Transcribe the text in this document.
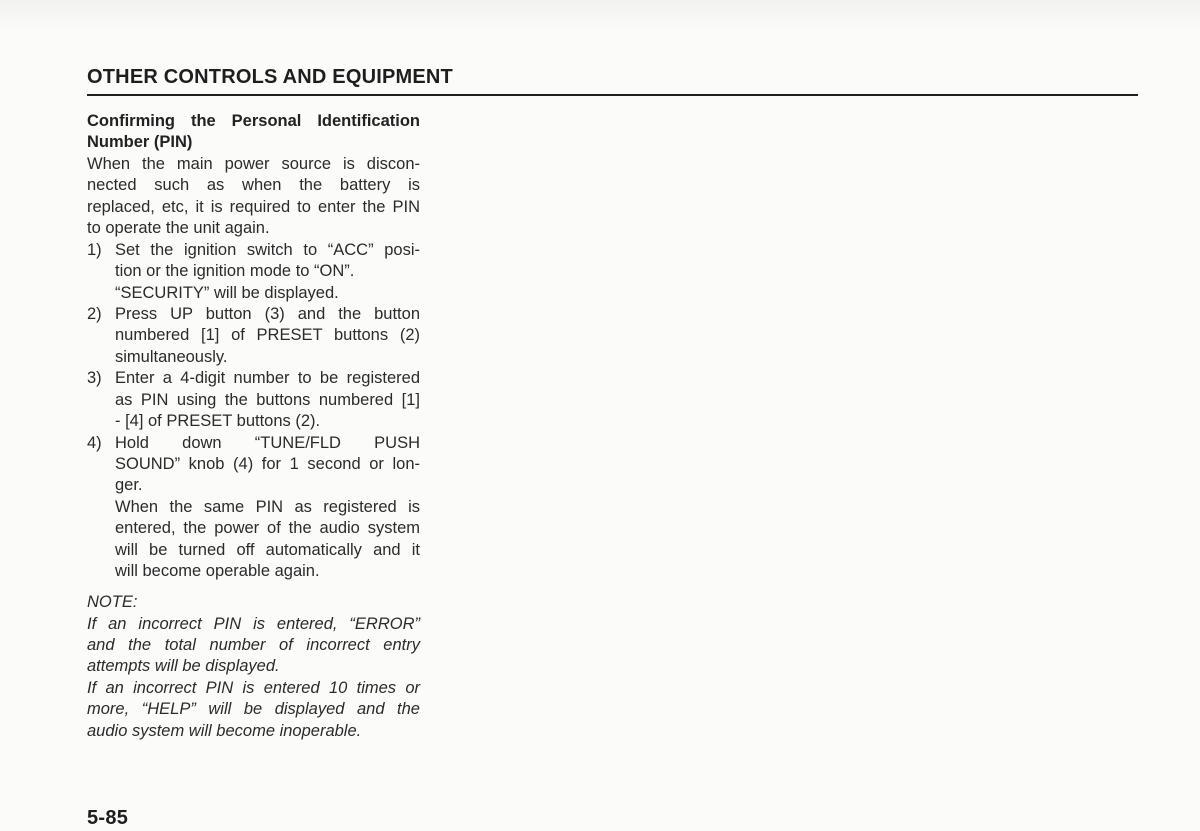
OTHER CONTROLS AND EQUIPMENT
Confirming the Personal Identification
Number (PIN)
When the main power source is discon-
nected such as when the battery is
replaced, etc, it is required to enter the PIN
to operate the unit again.
1) Set the ignition switch to “ACC” posi-
tion or the ignition mode to “ON”.
“SECURITY” will be displayed.
2) Press UP button (3) and the button
numbered [1] of PRESET buttons (2)
simultaneously.
3) Enter a 4-digit number to be registered
as PIN using the buttons numbered [1]
- [4] of PRESET buttons (2).
4) Hold down “TUNE/FLD PUSH
SOUND” knob (4) for 1 second or lon-
ger.
When the same PIN as registered is
entered, the power of the audio system
will be turned off automatically and it
will become operable again.
NOTE:
If an incorrect PIN is entered, “ERROR”
and the total number of incorrect entry
attempts will be displayed.
If an incorrect PIN is entered 10 times or
more, “HELP” will be displayed and the
audio system will become inoperable.
5-85
